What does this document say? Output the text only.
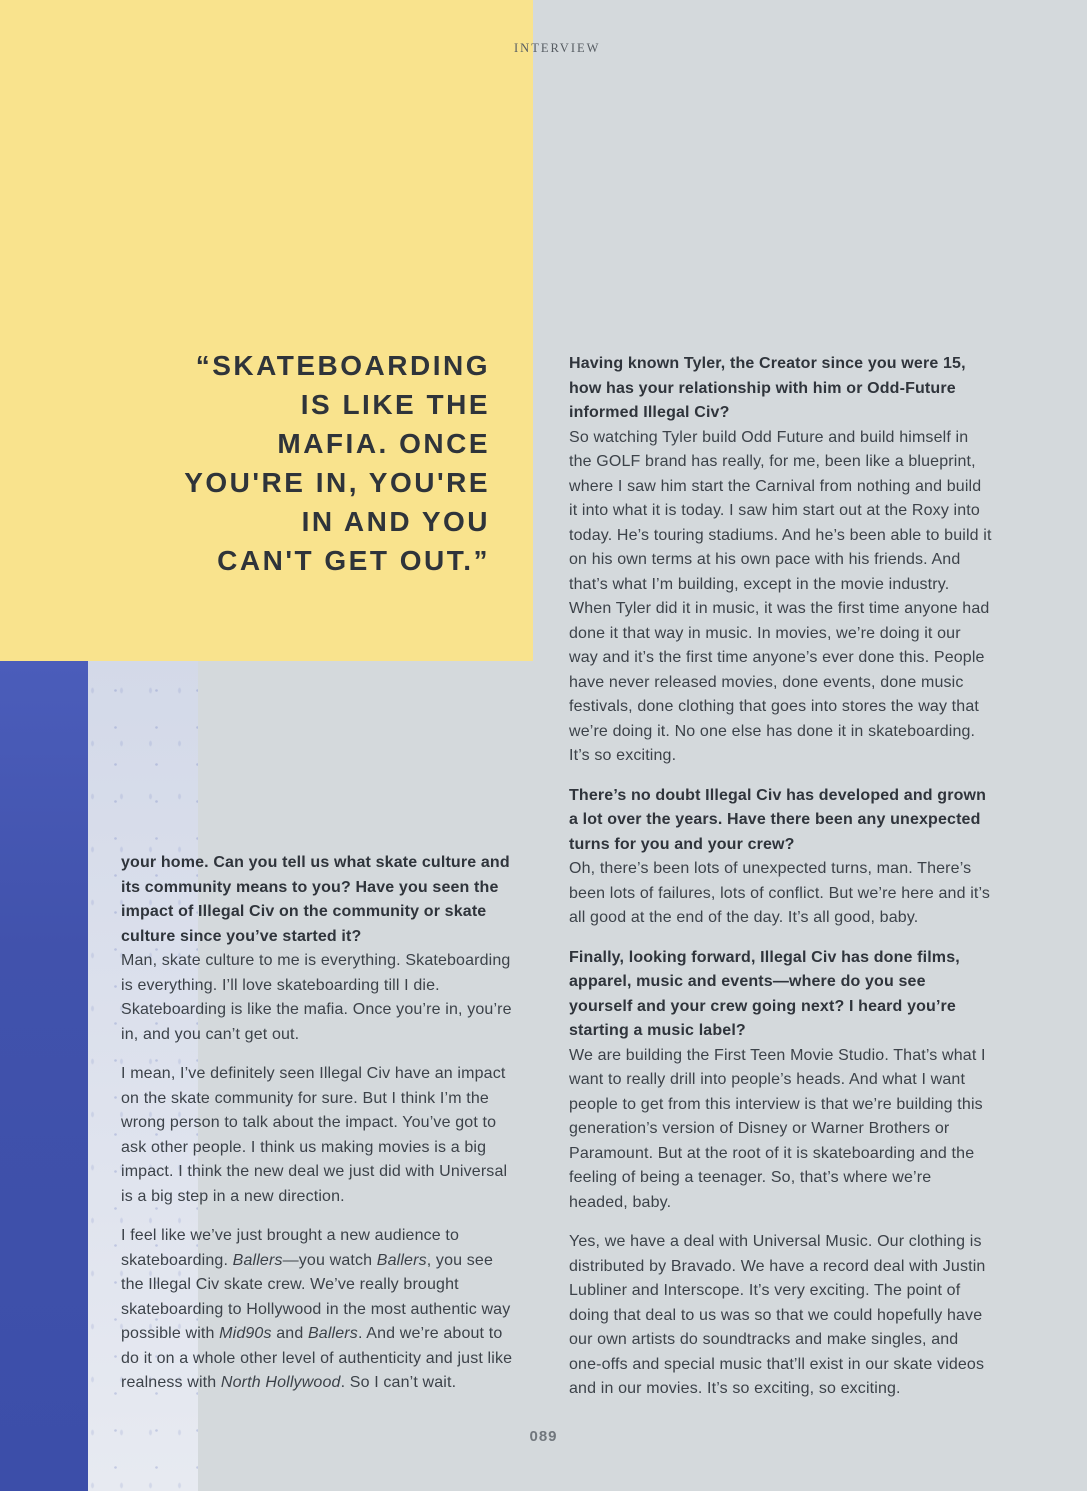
INTERVIEW
“SKATEBOARDING
IS LIKE THE
MAFIA. ONCE
YOU'RE IN, YOU'RE
IN AND YOU
CAN'T GET OUT.”

your home. Can you tell us what skate culture and its community means to you? Have you seen the impact of Illegal Civ on the community or skate culture since you’ve started it?

Man, skate culture to me is everything. Skateboarding is everything. I’ll love skateboarding till I die. Skateboarding is like the mafia. Once you’re in, you’re in, and you can’t get out.

I mean, I’ve definitely seen Illegal Civ have an impact on the skate community for sure. But I think I’m the wrong person to talk about the impact. You’ve got to ask other people. I think us making movies is a big impact. I think the new deal we just did with Universal is a big step in a new direction.

I feel like we’ve just brought a new audience to skateboarding. Ballers—you watch Ballers, you see the Illegal Civ skate crew. We’ve really brought skateboarding to Hollywood in the most authentic way possible with Mid90s and Ballers. And we’re about to do it on a whole other level of authenticity and just like realness with North Hollywood. So I can’t wait.

Having known Tyler, the Creator since you were 15, how has your relationship with him or Odd-Future informed Illegal Civ?

So watching Tyler build Odd Future and build himself in the GOLF brand has really, for me, been like a blueprint, where I saw him start the Carnival from nothing and build it into what it is today. I saw him start out at the Roxy into today. He’s touring stadiums. And he’s been able to build it on his own terms at his own pace with his friends. And that’s what I’m building, except in the movie industry. When Tyler did it in music, it was the first time anyone had done it that way in music. In movies, we’re doing it our way and it’s the first time anyone’s ever done this. People have never released movies, done events, done music festivals, done clothing that goes into stores the way that we’re doing it. No one else has done it in skateboarding. It’s so exciting.

There’s no doubt Illegal Civ has developed and grown a lot over the years. Have there been any unexpected turns for you and your crew?

Oh, there’s been lots of unexpected turns, man. There’s been lots of failures, lots of conflict. But we’re here and it’s all good at the end of the day. It’s all good, baby.

Finally, looking forward, Illegal Civ has done films, apparel, music and events—where do you see yourself and your crew going next? I heard you’re starting a music label?

We are building the First Teen Movie Studio. That’s what I want to really drill into people’s heads. And what I want people to get from this interview is that we’re building this generation’s version of Disney or Warner Brothers or Paramount. But at the root of it is skateboarding and the feeling of being a teenager. So, that’s where we’re headed, baby.

Yes, we have a deal with Universal Music. Our clothing is distributed by Bravado. We have a record deal with Justin Lubliner and Interscope. It’s very exciting. The point of doing that deal to us was so that we could hopefully have our own artists do soundtracks and make singles, and one-offs and special music that’ll exist in our skate videos and in our movies. It’s so exciting, so exciting.

089
